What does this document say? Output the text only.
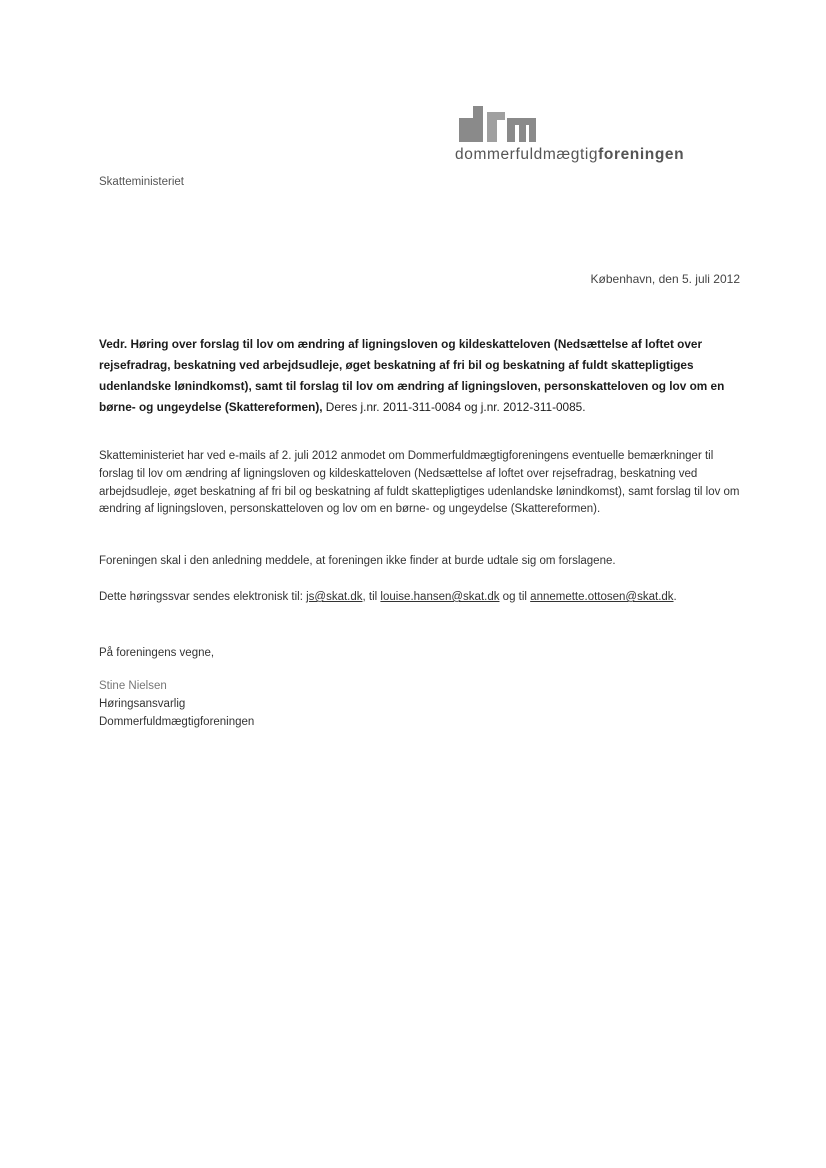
dommerfuldmægtigforeningen
Skatteministeriet
København, den 5. juli 2012
Vedr. Høring over forslag til lov om ændring af ligningsloven og kildeskatteloven (Nedsættelse af loftet over rejsefradrag, beskatning ved arbejdsudleje, øget beskatning af fri bil og beskatning af fuldt skattepligtiges udenlandske lønindkomst), samt til forslag til lov om ændring af ligningsloven, personskatteloven og lov om en børne- og ungeydelse (Skattereformen), Deres j.nr. 2011-311-0084 og j.nr. 2012-311-0085.
Skatteministeriet har ved e-mails af 2. juli 2012 anmodet om Dommerfuldmægtigforeningens eventuelle bemærkninger til forslag til lov om ændring af ligningsloven og kildeskatteloven (Nedsættelse af loftet over rejsefradrag, beskatning ved arbejdsudleje, øget beskatning af fri bil og beskatning af fuldt skattepligtiges udenlandske lønindkomst), samt forslag til lov om ændring af ligningsloven, personskatteloven og lov om en børne- og ungeydelse (Skattereformen).
Foreningen skal i den anledning meddele, at foreningen ikke finder at burde udtale sig om forslagene.
Dette høringssvar sendes elektronisk til: js@skat.dk, til louise.hansen@skat.dk og til annemette.ottosen@skat.dk.
På foreningens vegne,
Stine Nielsen
Høringsansvarlig
Dommerfuldmægtigforeningen
